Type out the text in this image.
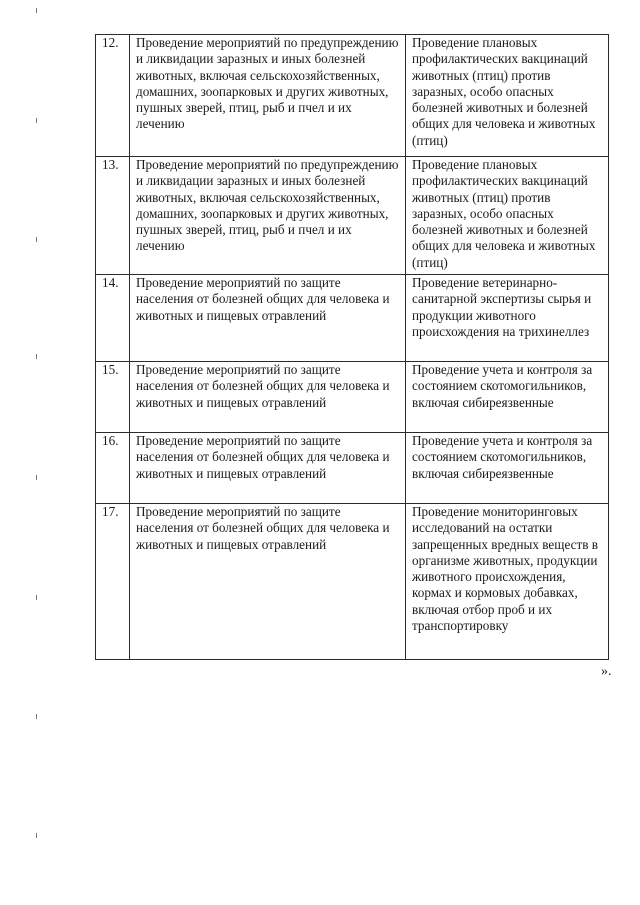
12.	Проведение мероприятий по предупреждению и ликвидации заразных и иных болезней животных, включая сельскохозяйственных, домашних, зоопарковых и других животных, пушных зверей, птиц, рыб и пчел и их лечению	Проведение плановых профилактических вакцинаций животных (птиц) против заразных, особо опасных болезней животных и болезней общих для человека и животных (птиц)
13.	Проведение мероприятий по предупреждению и ликвидации заразных и иных болезней животных, включая сельскохозяйственных, домашних, зоопарковых и других животных, пушных зверей, птиц, рыб и пчел и их лечению	Проведение плановых профилактических вакцинаций животных (птиц) против заразных, особо опасных болезней животных и болезней общих для человека и животных (птиц)
14.	Проведение мероприятий по защите населения от болезней общих для человека и животных и пищевых отравлений	Проведение ветеринарно-санитарной экспертизы сырья и продукции животного происхождения на трихинеллез
15.	Проведение мероприятий по защите населения от болезней общих для человека и животных и пищевых отравлений	Проведение учета и контроля за состоянием скотомогильников, включая сибиреязвенные
16.	Проведение мероприятий по защите населения от болезней общих для человека и животных и пищевых отравлений	Проведение учета и контроля за состоянием скотомогильников, включая сибиреязвенные
17.	Проведение мероприятий по защите населения от болезней общих для человека и животных и пищевых отравлений	Проведение мониторинговых исследований на остатки запрещенных вредных веществ в организме животных, продукции животного происхождения, кормах и кормовых добавках, включая отбор проб и их транспортировку
».
